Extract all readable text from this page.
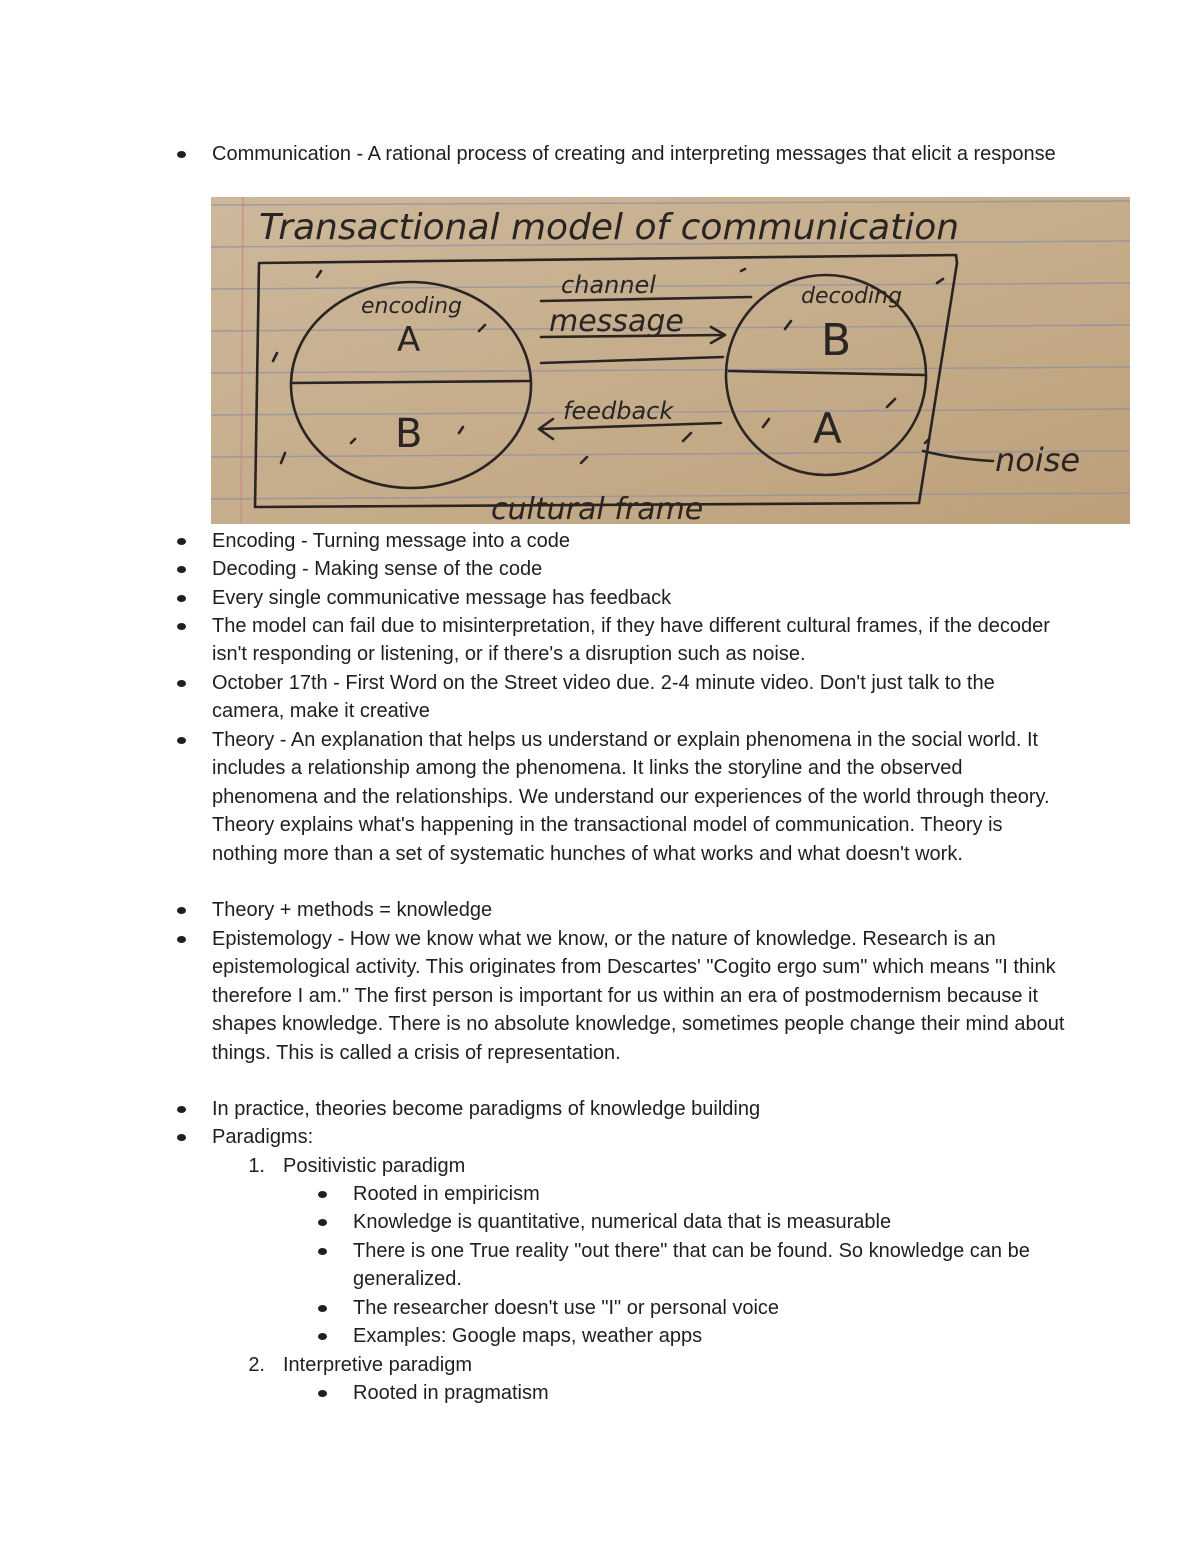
Communication - A rational process of creating and interpreting messages that elicit a response
Transactional model of communication
encoding
channel
message
decoding
A
B
B
A
feedback
noise
cultural frame
Encoding - Turning message into a code
Decoding - Making sense of the code
Every single communicative message has feedback
The model can fail due to misinterpretation, if they have different cultural frames, if the decoder isn't responding or listening, or if there's a disruption such as noise.
October 17th - First Word on the Street video due. 2-4 minute video. Don't just talk to the camera, make it creative
Theory - An explanation that helps us understand or explain phenomena in the social world. It includes a relationship among the phenomena. It links the storyline and the observed phenomena and the relationships. We understand our experiences of the world through theory. Theory explains what's happening in the transactional model of communication. Theory is nothing more than a set of systematic hunches of what works and what doesn't work.
Theory + methods = knowledge
Epistemology - How we know what we know, or the nature of knowledge. Research is an epistemological activity. This originates from Descartes' "Cogito ergo sum" which means "I think therefore I am." The first person is important for us within an era of postmodernism because it shapes knowledge. There is no absolute knowledge, sometimes people change their mind about things. This is called a crisis of representation.
In practice, theories become paradigms of knowledge building
Paradigms:
1. Positivistic paradigm
Rooted in empiricism
Knowledge is quantitative, numerical data that is measurable
There is one True reality "out there" that can be found. So knowledge can be generalized.
The researcher doesn't use "I" or personal voice
Examples: Google maps, weather apps
2. Interpretive paradigm
Rooted in pragmatism
